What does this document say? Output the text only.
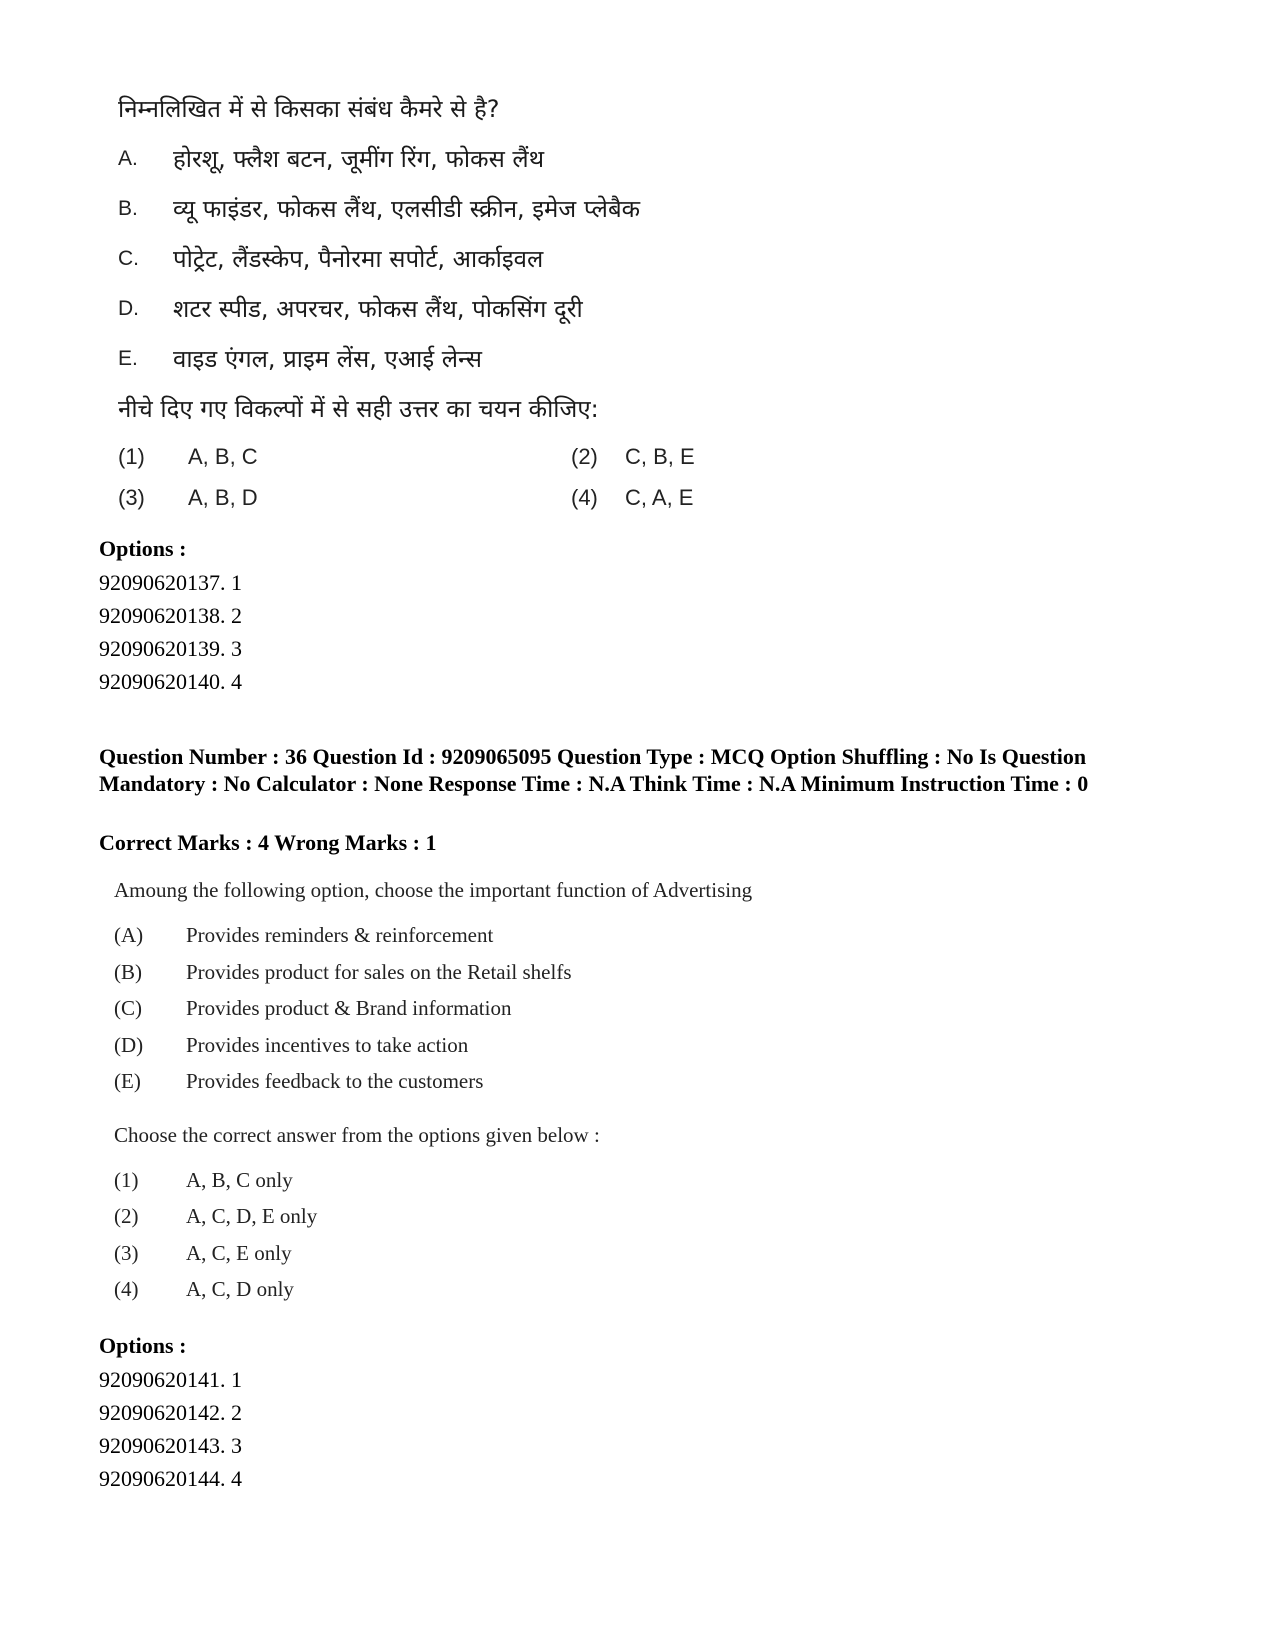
निम्नलिखित में से किसका संबंध कैमरे से है?
A.	होरशू, फ्लैश बटन, जूमींग रिंग, फोकस लैंथ
B.	व्यू फाइंडर, फोकस लैंथ, एलसीडी स्क्रीन, इमेज प्लेबैक
C.	पोट्रेट, लैंडस्केप, पैनोरमा सपोर्ट, आर्काइवल
D.	शटर स्पीड, अपरचर, फोकस लैंथ, पोकसिंग दूरी
E.	वाइड एंगल, प्राइम लेंस, एआई लेन्स
नीचे दिए गए विकल्पों में से सही उत्तर का चयन कीजिए:
(1)	A, B, C	(2)	C, B, E
(3)	A, B, D	(4)	C, A, E
Options :
92090620137. 1
92090620138. 2
92090620139. 3
92090620140. 4
Question Number : 36 Question Id : 9209065095 Question Type : MCQ Option Shuffling : No Is Question Mandatory : No Calculator : None Response Time : N.A Think Time : N.A Minimum Instruction Time : 0
Correct Marks : 4 Wrong Marks : 1
Amoung the following option, choose the important function of Advertising
(A)	Provides reminders & reinforcement
(B)	Provides product for sales on the Retail shelfs
(C)	Provides product & Brand information
(D)	Provides incentives to take action
(E)	Provides feedback to the customers
Choose the correct answer from the options given below :
(1)	A, B, C only
(2)	A, C, D, E only
(3)	A, C, E only
(4)	A, C, D only
Options :
92090620141. 1
92090620142. 2
92090620143. 3
92090620144. 4
